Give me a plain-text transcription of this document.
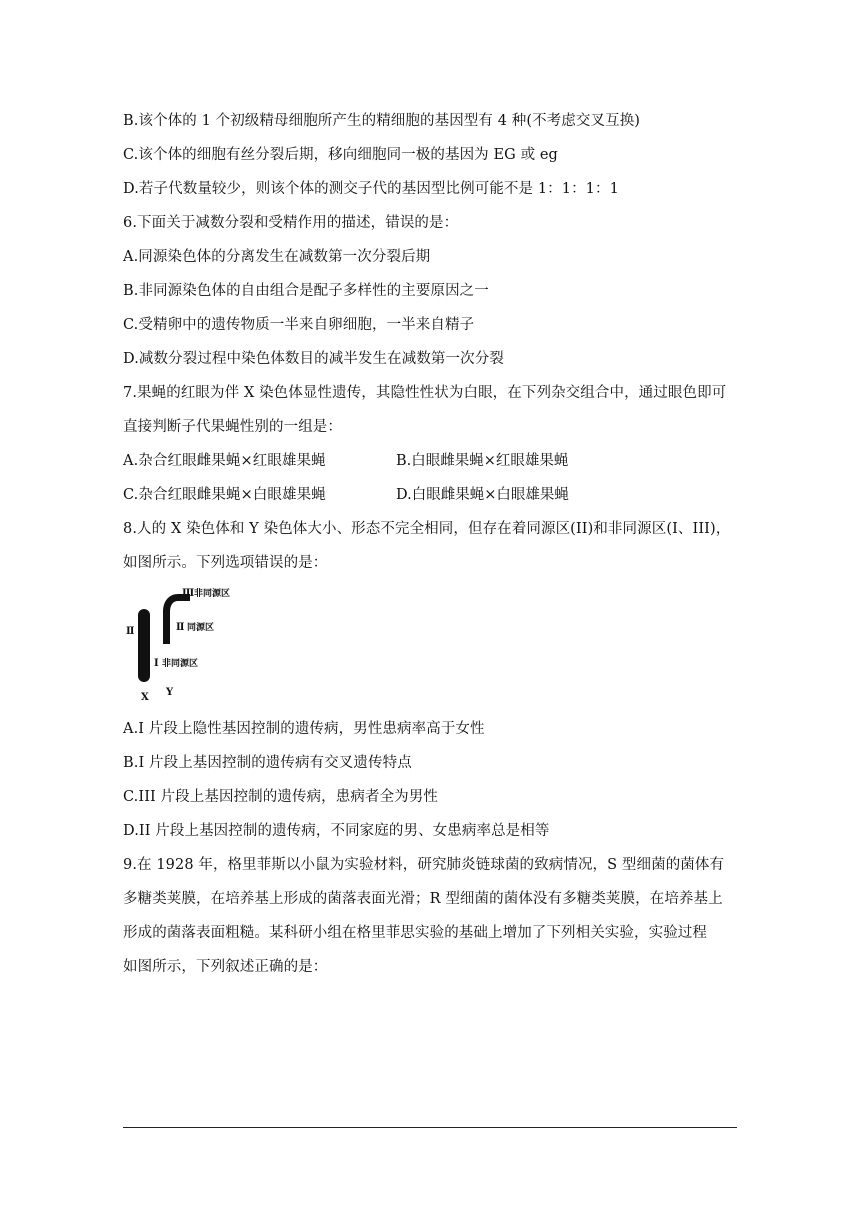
B.该个体的 1 个初级精母细胞所产生的精细胞的基因型有 4 种(不考虑交叉互换)
C.该个体的细胞有丝分裂后期，移向细胞同一极的基因为 EG 或 eg
D.若子代数量较少，则该个体的测交子代的基因型比例可能不是 1：1：1：1
6.下面关于减数分裂和受精作用的描述，错误的是：
A.同源染色体的分离发生在减数第一次分裂后期
B.非同源染色体的自由组合是配子多样性的主要原因之一
C.受精卵中的遗传物质一半来自卵细胞，一半来自精子
D.减数分裂过程中染色体数目的减半发生在减数第一次分裂
7.果蝇的红眼为伴 X 染色体显性遗传，其隐性性状为白眼，在下列杂交组合中，通过眼色即可
直接判断子代果蝇性别的一组是：
A.杂合红眼雌果蝇×红眼雄果蝇	B.白眼雌果蝇×红眼雄果蝇
C.杂合红眼雌果蝇×白眼雄果蝇	D.白眼雌果蝇×白眼雄果蝇
8.人的 X 染色体和 Y 染色体大小、形态不完全相同，但存在着同源区(II)和非同源区(I、III)，
如图所示。下列选项错误的是：
Ⅲ 非同源区
Ⅱ	Ⅱ 同源区
Ⅰ 非同源区
X Y
A.I 片段上隐性基因控制的遗传病，男性患病率高于女性
B.I 片段上基因控制的遗传病有交叉遗传特点
C.III 片段上基因控制的遗传病，患病者全为男性
D.II 片段上基因控制的遗传病，不同家庭的男、女患病率总是相等
9.在 1928 年，格里菲斯以小鼠为实验材料，研究肺炎链球菌的致病情况，S 型细菌的菌体有
多糖类荚膜，在培养基上形成的菌落表面光滑；R 型细菌的菌体没有多糖类荚膜，在培养基上
形成的菌落表面粗糙。某科研小组在格里菲思实验的基础上增加了下列相关实验，实验过程
如图所示，下列叙述正确的是：
